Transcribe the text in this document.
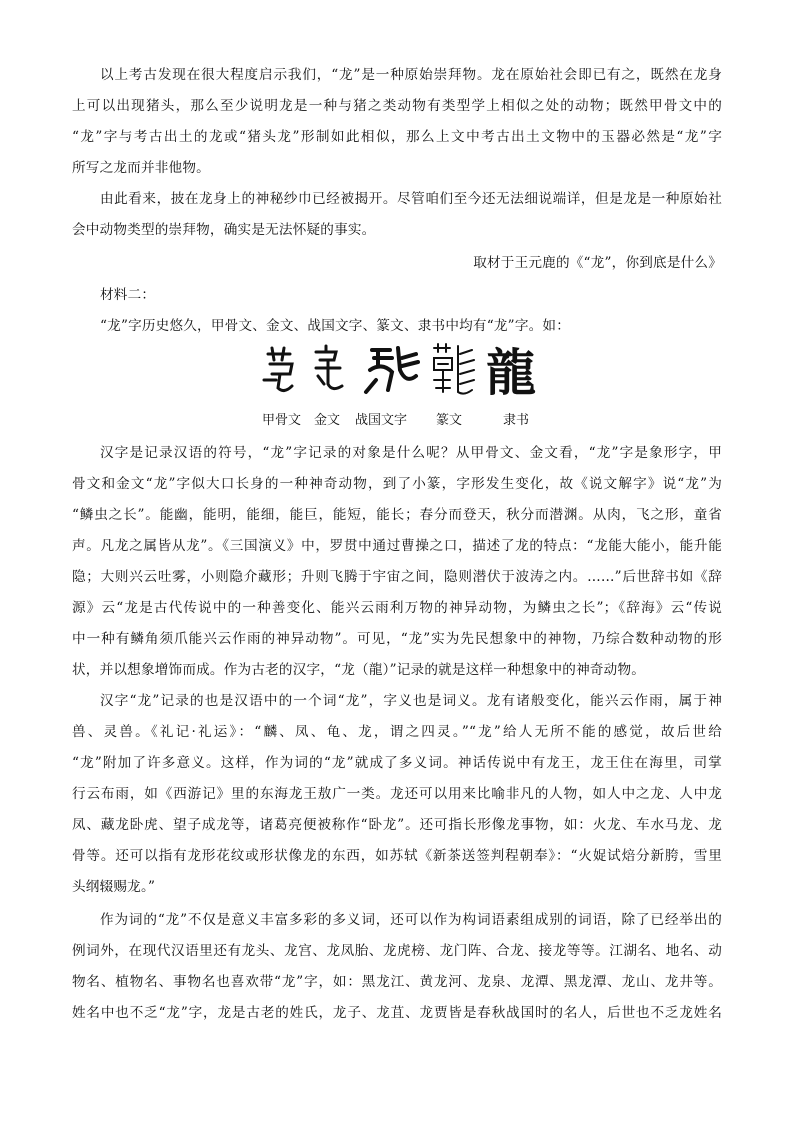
以上考古发现在很大程度启示我们，“龙”是一种原始崇拜物。龙在原始社会即已有之，既然在龙身
上可以出现猪头，那么至少说明龙是一种与猪之类动物有类型学上相似之处的动物；既然甲骨文中的
“龙”字与考古出土的龙或“猪头龙”形制如此相似，那么上文中考古出土文物中的玉器必然是“龙”字
所写之龙而并非他物。
由此看来，披在龙身上的神秘纱巾已经被揭开。尽管咱们至今还无法细说端详，但是龙是一种原始社
会中动物类型的崇拜物，确实是无法怀疑的事实。
取材于王元鹿的《“龙”，你到底是什么》
材料二：
“龙”字历史悠久，甲骨文、金文、战国文字、篆文、隶书中均有“龙”字。如：
龍
甲骨文 金文 战国文字 篆文	隶书
汉字是记录汉语的符号，“龙”字记录的对象是什么呢？从甲骨文、金文看，“龙”字是象形字，甲
骨文和金文“龙”字似大口长身的一种神奇动物，到了小篆，字形发生变化，故《说文解字》说“龙”为
“鳞虫之长”。能幽，能明，能细，能巨，能短，能长；春分而登天，秋分而潜渊。从肉，飞之形，童省
声。凡龙之属皆从龙”。《三国演义》中，罗贯中通过曹操之口，描述了龙的特点：“龙能大能小，能升能
隐；大则兴云吐雾，小则隐介藏形；升则飞腾于宇宙之间，隐则潜伏于波涛之内。……”后世辞书如《辞
源》云“龙是古代传说中的一种善变化、能兴云雨利万物的神异动物，为鳞虫之长”；《辞海》云“传说
中一种有鳞角须爪能兴云作雨的神异动物”。可见，“龙”实为先民想象中的神物，乃综合数种动物的形
状，并以想象增饰而成。作为古老的汉字，“龙（龍）”记录的就是这样一种想象中的神奇动物。
汉字“龙”记录的也是汉语中的一个词“龙”，字义也是词义。龙有诸般变化，能兴云作雨，属于神
兽、灵兽。《礼记·礼运》：“麟、凤、龟、龙，谓之四灵。”“龙”给人无所不能的感觉，故后世给
“龙”附加了许多意义。这样，作为词的“龙”就成了多义词。神话传说中有龙王，龙王住在海里，司掌
行云布雨，如《西游记》里的东海龙王敖广一类。龙还可以用来比喻非凡的人物，如人中之龙、人中龙
凤、藏龙卧虎、望子成龙等，诸葛亮便被称作“卧龙”。还可指长形像龙事物，如：火龙、车水马龙、龙
骨等。还可以指有龙形花纹或形状像龙的东西，如苏轼《新茶送签判程朝奉》：“火娖试焙分新胯，雪里
头纲辍赐龙。”
作为词的“龙”不仅是意义丰富多彩的多义词，还可以作为构词语素组成别的词语，除了已经举出的
例词外，在现代汉语里还有龙头、龙宫、龙凤胎、龙虎榜、龙门阵、合龙、接龙等等。江湖名、地名、动
物名、植物名、事物名也喜欢带“龙”字，如：黑龙江、黄龙河、龙泉、龙潭、黑龙潭、龙山、龙井等。
姓名中也不乏“龙”字，龙是古老的姓氏，龙子、龙苴、龙贾皆是春秋战国时的名人，后世也不乏龙姓名
